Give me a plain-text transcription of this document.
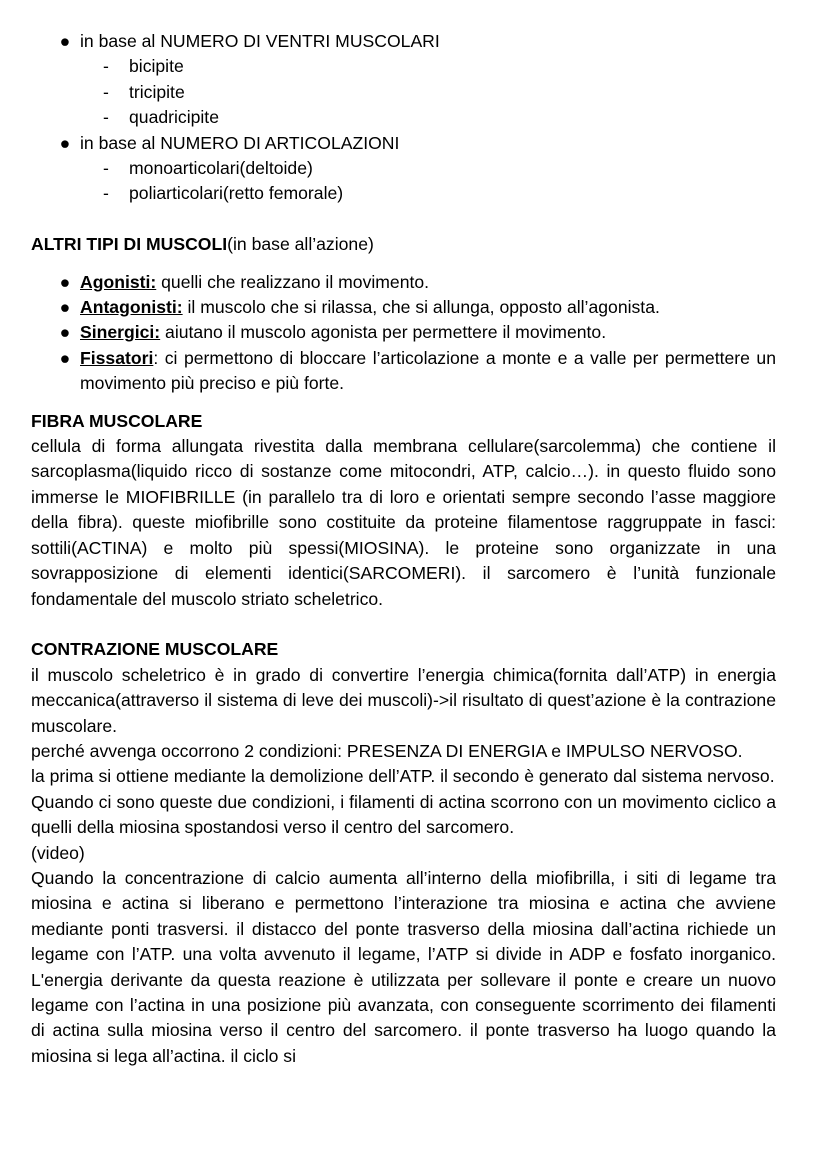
● in base al NUMERO DI VENTRI MUSCOLARI
- bicipite
- tricipite
- quadricipite
● in base al NUMERO DI ARTICOLAZIONI
- monoarticolari(deltoide)
- poliarticolari(retto femorale)
ALTRI TIPI DI MUSCOLI(in base all’azione)
● Agonisti: quelli che realizzano il movimento.
● Antagonisti: il muscolo che si rilassa, che si allunga, opposto all’agonista.
● Sinergici: aiutano il muscolo agonista per permettere il movimento.
● Fissatori: ci permettono di bloccare l’articolazione a monte e a valle per permettere un movimento più preciso e più forte.
FIBRA MUSCOLARE
cellula di forma allungata rivestita dalla membrana cellulare(sarcolemma) che contiene il sarcoplasma(liquido ricco di sostanze come mitocondri, ATP, calcio…). in questo fluido sono immerse le MIOFIBRILLE (in parallelo tra di loro e orientati sempre secondo l’asse maggiore della fibra). queste miofibrille sono costituite da proteine filamentose raggruppate in fasci: sottili(ACTINA) e molto più spessi(MIOSINA). le proteine sono organizzate in una sovrapposizione di elementi identici(SARCOMERI). il sarcomero è l’unità funzionale fondamentale del muscolo striato scheletrico.
CONTRAZIONE MUSCOLARE
il muscolo scheletrico è in grado di convertire l’energia chimica(fornita dall’ATP) in energia meccanica(attraverso il sistema di leve dei muscoli)->il risultato di quest’azione è la contrazione muscolare.
perché avvenga occorrono 2 condizioni: PRESENZA DI ENERGIA e IMPULSO NERVOSO.
la prima si ottiene mediante la demolizione dell’ATP. il secondo è generato dal sistema nervoso.
Quando ci sono queste due condizioni, i filamenti di actina scorrono con un movimento ciclico a quelli della miosina spostandosi verso il centro del sarcomero.
(video)
Quando la concentrazione di calcio aumenta all’interno della miofibrilla, i siti di legame tra miosina e actina si liberano e permettono l’interazione tra miosina e actina che avviene mediante ponti trasversi. il distacco del ponte trasverso della miosina dall’actina richiede un legame con l’ATP. una volta avvenuto il legame, l’ATP si divide in ADP e fosfato inorganico. L'energia derivante da questa reazione è utilizzata per sollevare il ponte e creare un nuovo legame con l’actina in una posizione più avanzata, con conseguente scorrimento dei filamenti di actina sulla miosina verso il centro del sarcomero. il ponte trasverso ha luogo quando la miosina si lega all’actina. il ciclo si
